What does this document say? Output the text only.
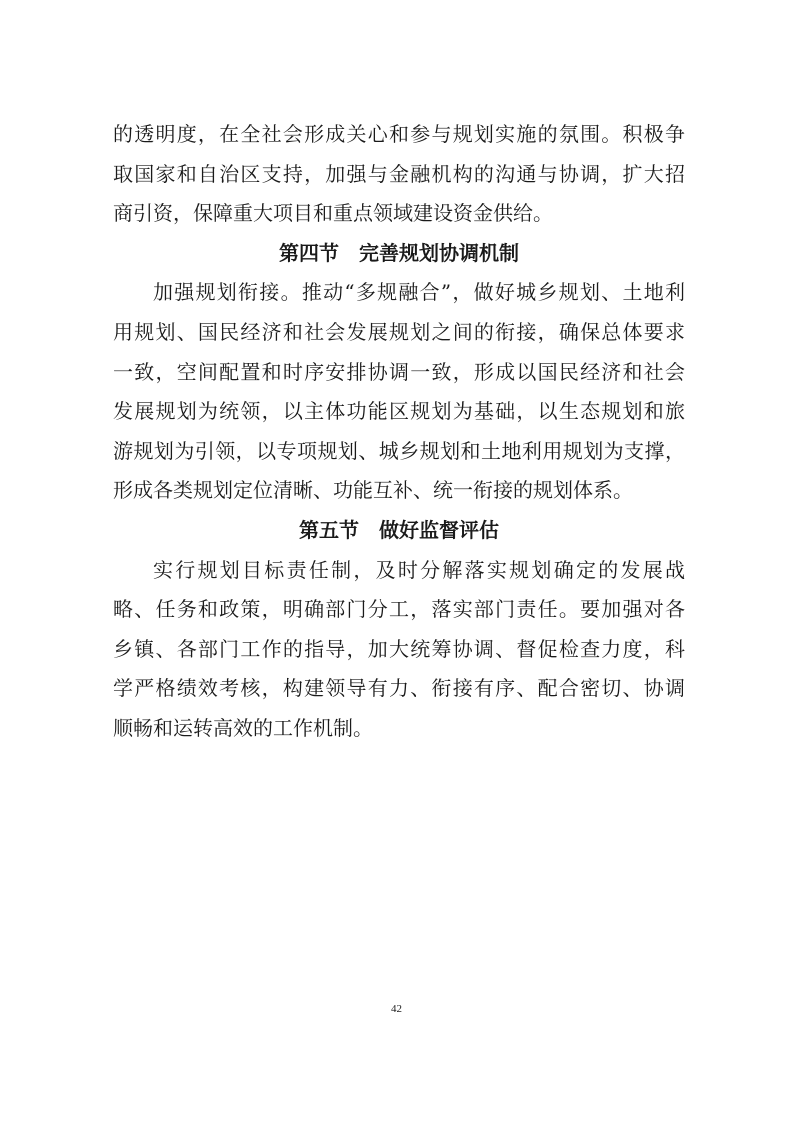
的透明度，在全社会形成关心和参与规划实施的氛围。积极争
取国家和自治区支持，加强与金融机构的沟通与协调，扩大招
商引资，保障重大项目和重点领域建设资金供给。
第四节　完善规划协调机制
加强规划衔接。推动“多规融合”，做好城乡规划、土地利
用规划、国民经济和社会发展规划之间的衔接，确保总体要求
一致，空间配置和时序安排协调一致，形成以国民经济和社会
发展规划为统领，以主体功能区规划为基础，以生态规划和旅
游规划为引领，以专项规划、城乡规划和土地利用规划为支撑，
形成各类规划定位清晰、功能互补、统一衔接的规划体系。
第五节　做好监督评估
实行规划目标责任制，及时分解落实规划确定的发展战
略、任务和政策，明确部门分工，落实部门责任。要加强对各
乡镇、各部门工作的指导，加大统筹协调、督促检查力度，科
学严格绩效考核，构建领导有力、衔接有序、配合密切、协调
顺畅和运转高效的工作机制。
42
